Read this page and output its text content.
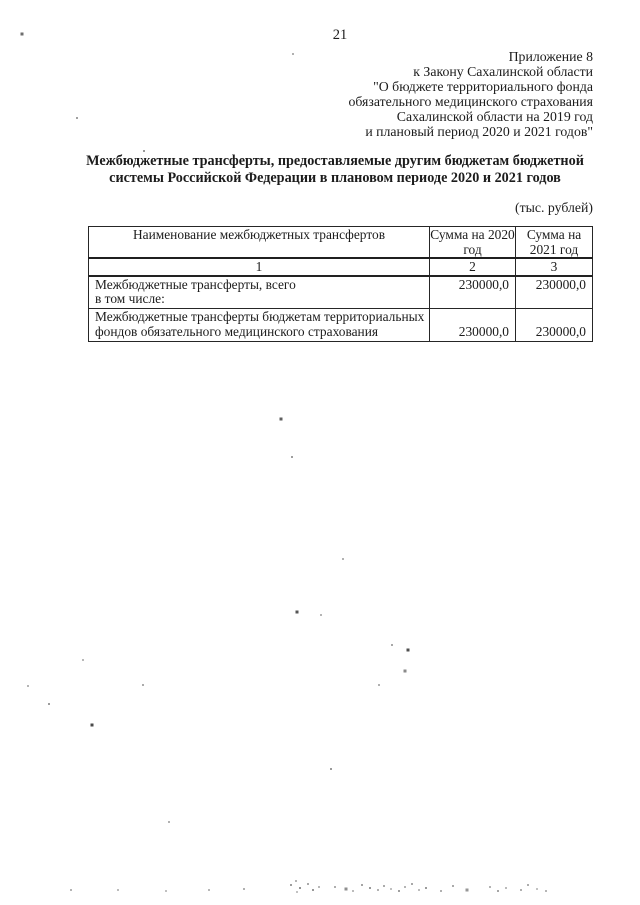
21
Приложение 8
к Закону Сахалинской области
"О бюджете территориального фонда
обязательного медицинского страхования
Сахалинской области на 2019 год
и плановый период 2020 и 2021 годов"
Межбюджетные трансферты, предоставляемые другим бюджетам бюджетной
системы Российской Федерации в плановом периоде 2020 и 2021 годов
(тыс. рублей)
Наименование межбюджетных трансфертов	Сумма на 2020 год	Сумма на 2021 год
1	2	3

Межбюджетные трансферты, всего
в том числе:	230000,0	230000,0

Межбюджетные трансферты бюджетам территориальных
фондов обязательного медицинского страхования	230000,0	230000,0
